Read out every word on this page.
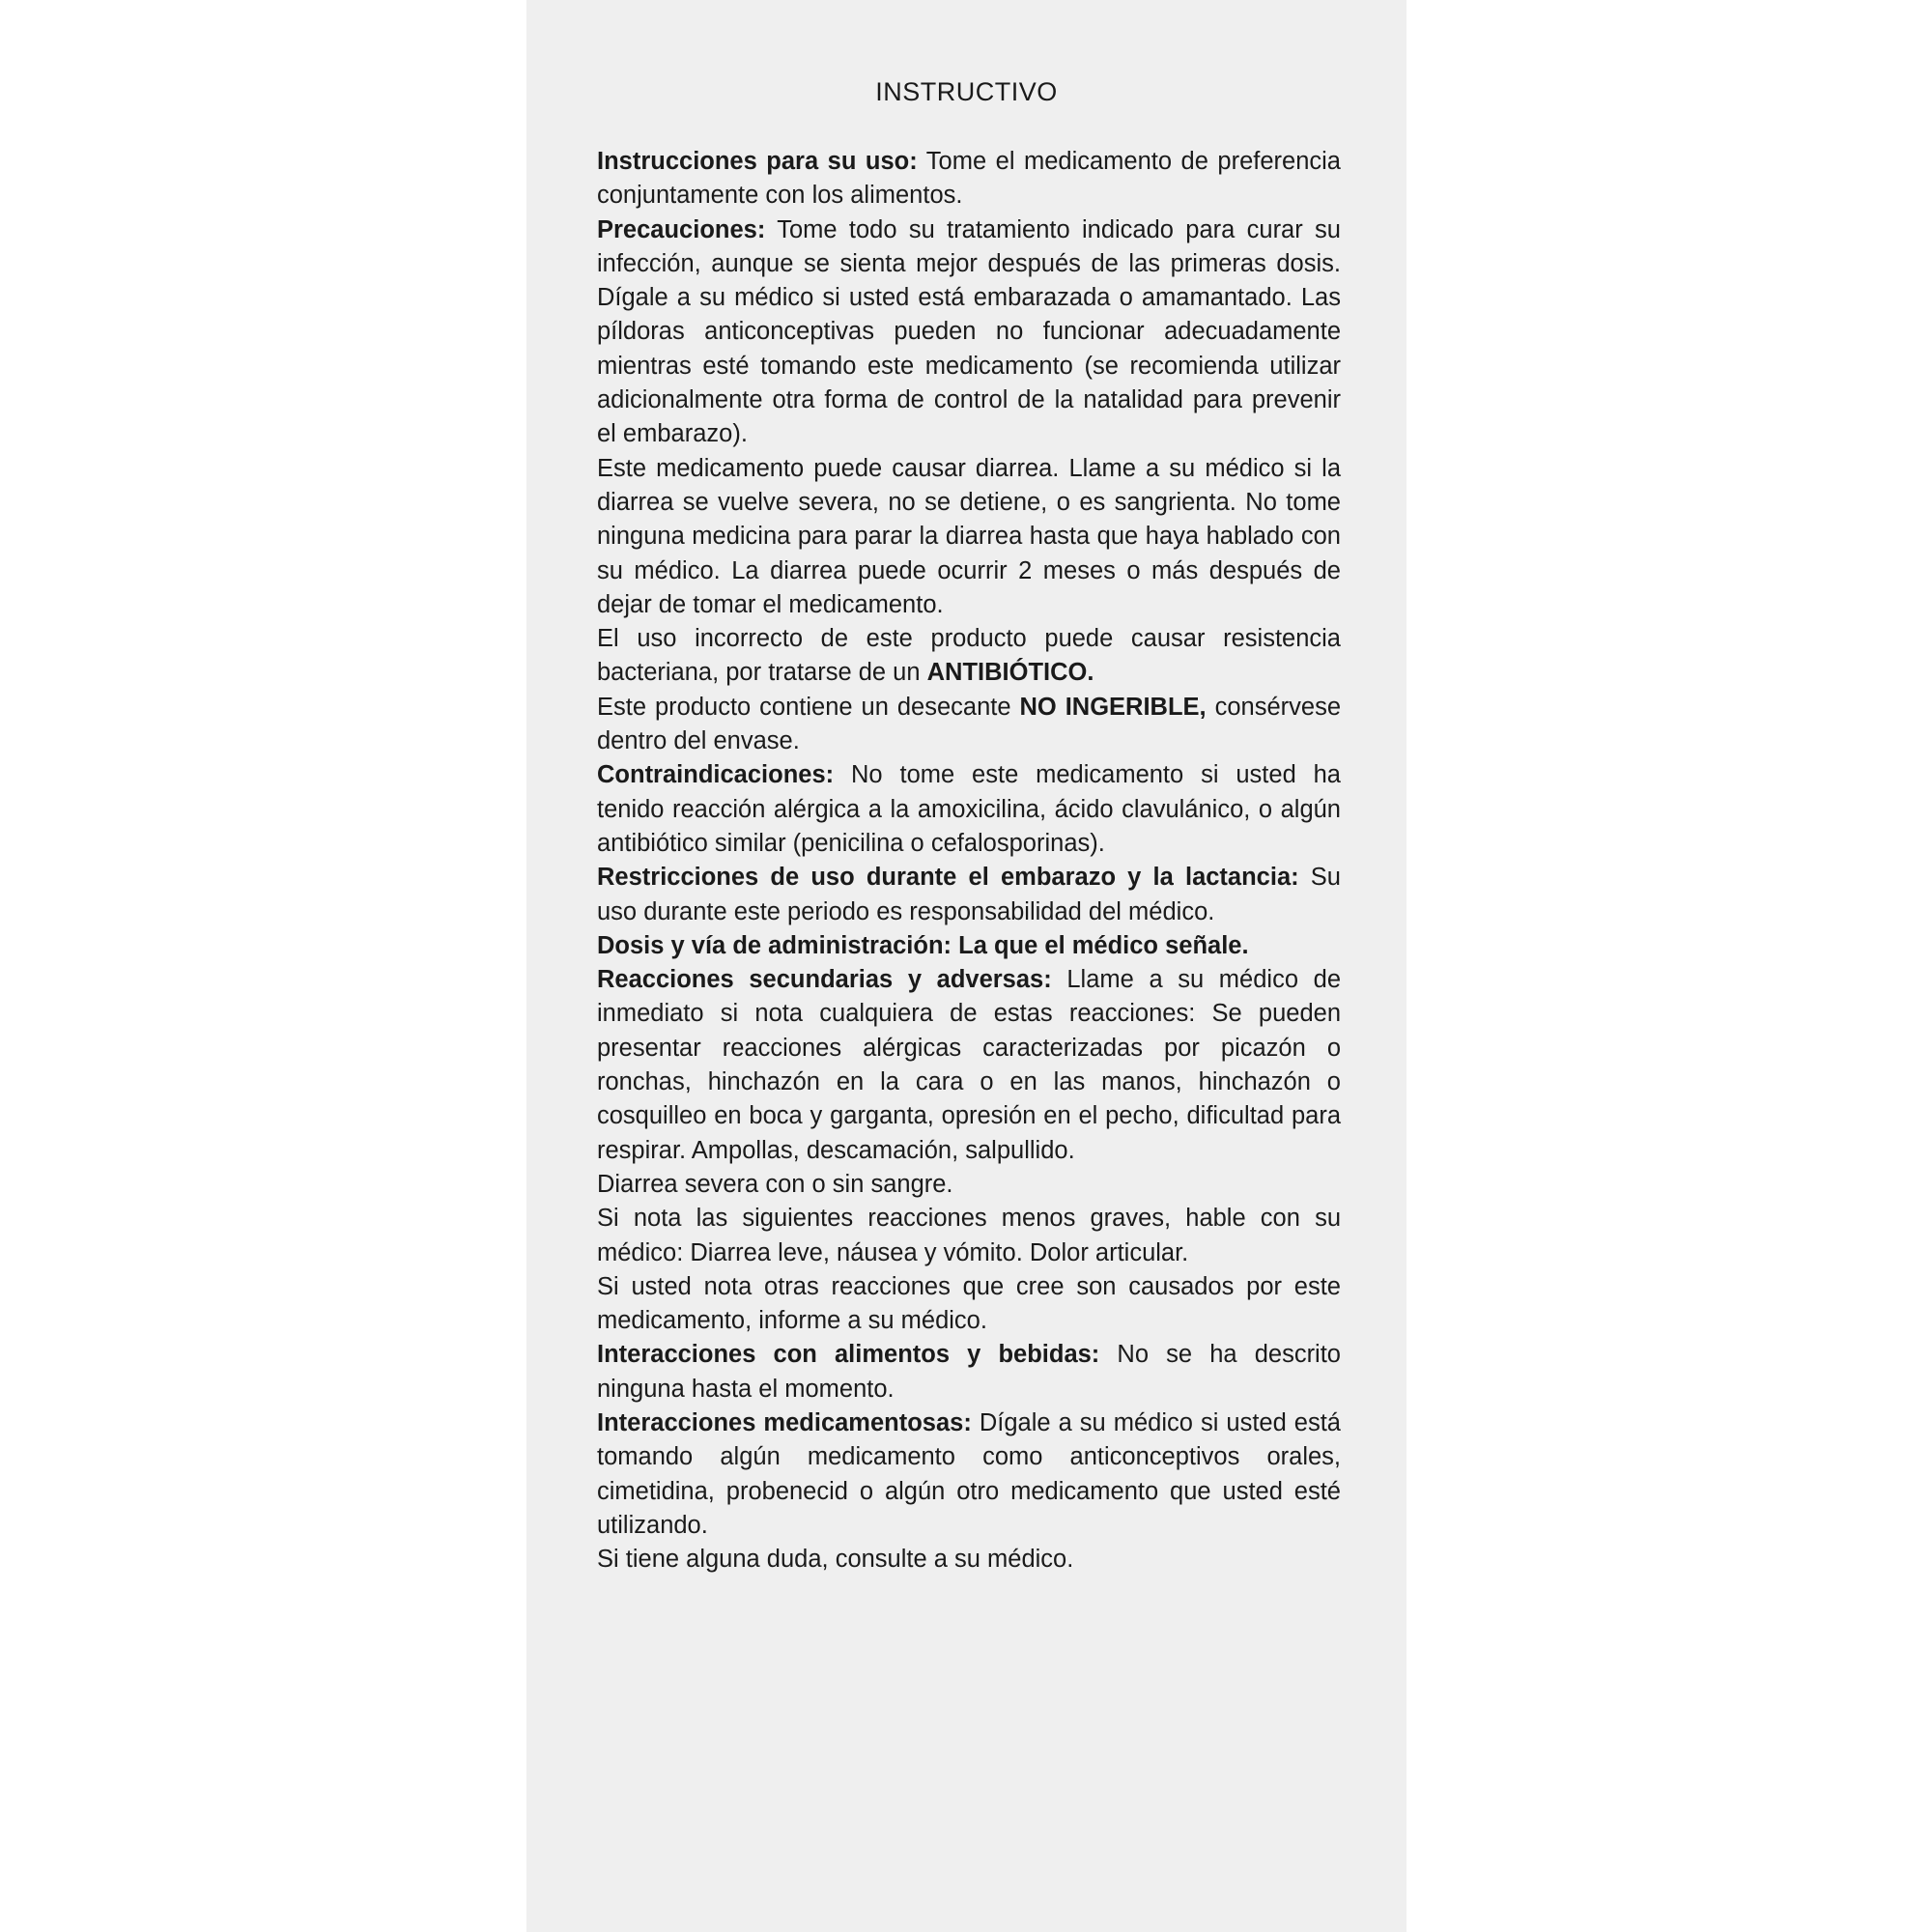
INSTRUCTIVO

Instrucciones para su uso: Tome el medicamento de preferencia conjuntamente con los alimentos.

Precauciones: Tome todo su tratamiento indicado para curar su infección, aunque se sienta mejor después de las primeras dosis. Dígale a su médico si usted está embarazada o amamantado. Las píldoras anticonceptivas pueden no funcionar adecuadamente mientras esté tomando este medicamento (se recomienda utilizar adicionalmente otra forma de control de la natalidad para prevenir el embarazo).

Este medicamento puede causar diarrea. Llame a su médico si la diarrea se vuelve severa, no se detiene, o es sangrienta. No tome ninguna medicina para parar la diarrea hasta que haya hablado con su médico. La diarrea puede ocurrir 2 meses o más después de dejar de tomar el medicamento.

El uso incorrecto de este producto puede causar resistencia bacteriana, por tratarse de un ANTIBIÓTICO.

Este producto contiene un desecante NO INGERIBLE, consérvese dentro del envase.

Contraindicaciones: No tome este medicamento si usted ha tenido reacción alérgica a la amoxicilina, ácido clavulánico, o algún antibiótico similar (penicilina o cefalosporinas).

Restricciones de uso durante el embarazo y la lactancia: Su uso durante este periodo es responsabilidad del médico.

Dosis y vía de administración: La que el médico señale.

Reacciones secundarias y adversas: Llame a su médico de inmediato si nota cualquiera de estas reacciones: Se pueden presentar reacciones alérgicas caracterizadas por picazón o ronchas, hinchazón en la cara o en las manos, hinchazón o cosquilleo en boca y garganta, opresión en el pecho, dificultad para respirar. Ampollas, descamación, salpullido.

Diarrea severa con o sin sangre.

Si nota las siguientes reacciones menos graves, hable con su médico: Diarrea leve, náusea y vómito. Dolor articular.

Si usted nota otras reacciones que cree son causados por este medicamento, informe a su médico.

Interacciones con alimentos y bebidas: No se ha descrito ninguna hasta el momento.

Interacciones medicamentosas: Dígale a su médico si usted está tomando algún medicamento como anticonceptivos orales, cimetidina, probenecid o algún otro medicamento que usted esté utilizando.

Si tiene alguna duda, consulte a su médico.
